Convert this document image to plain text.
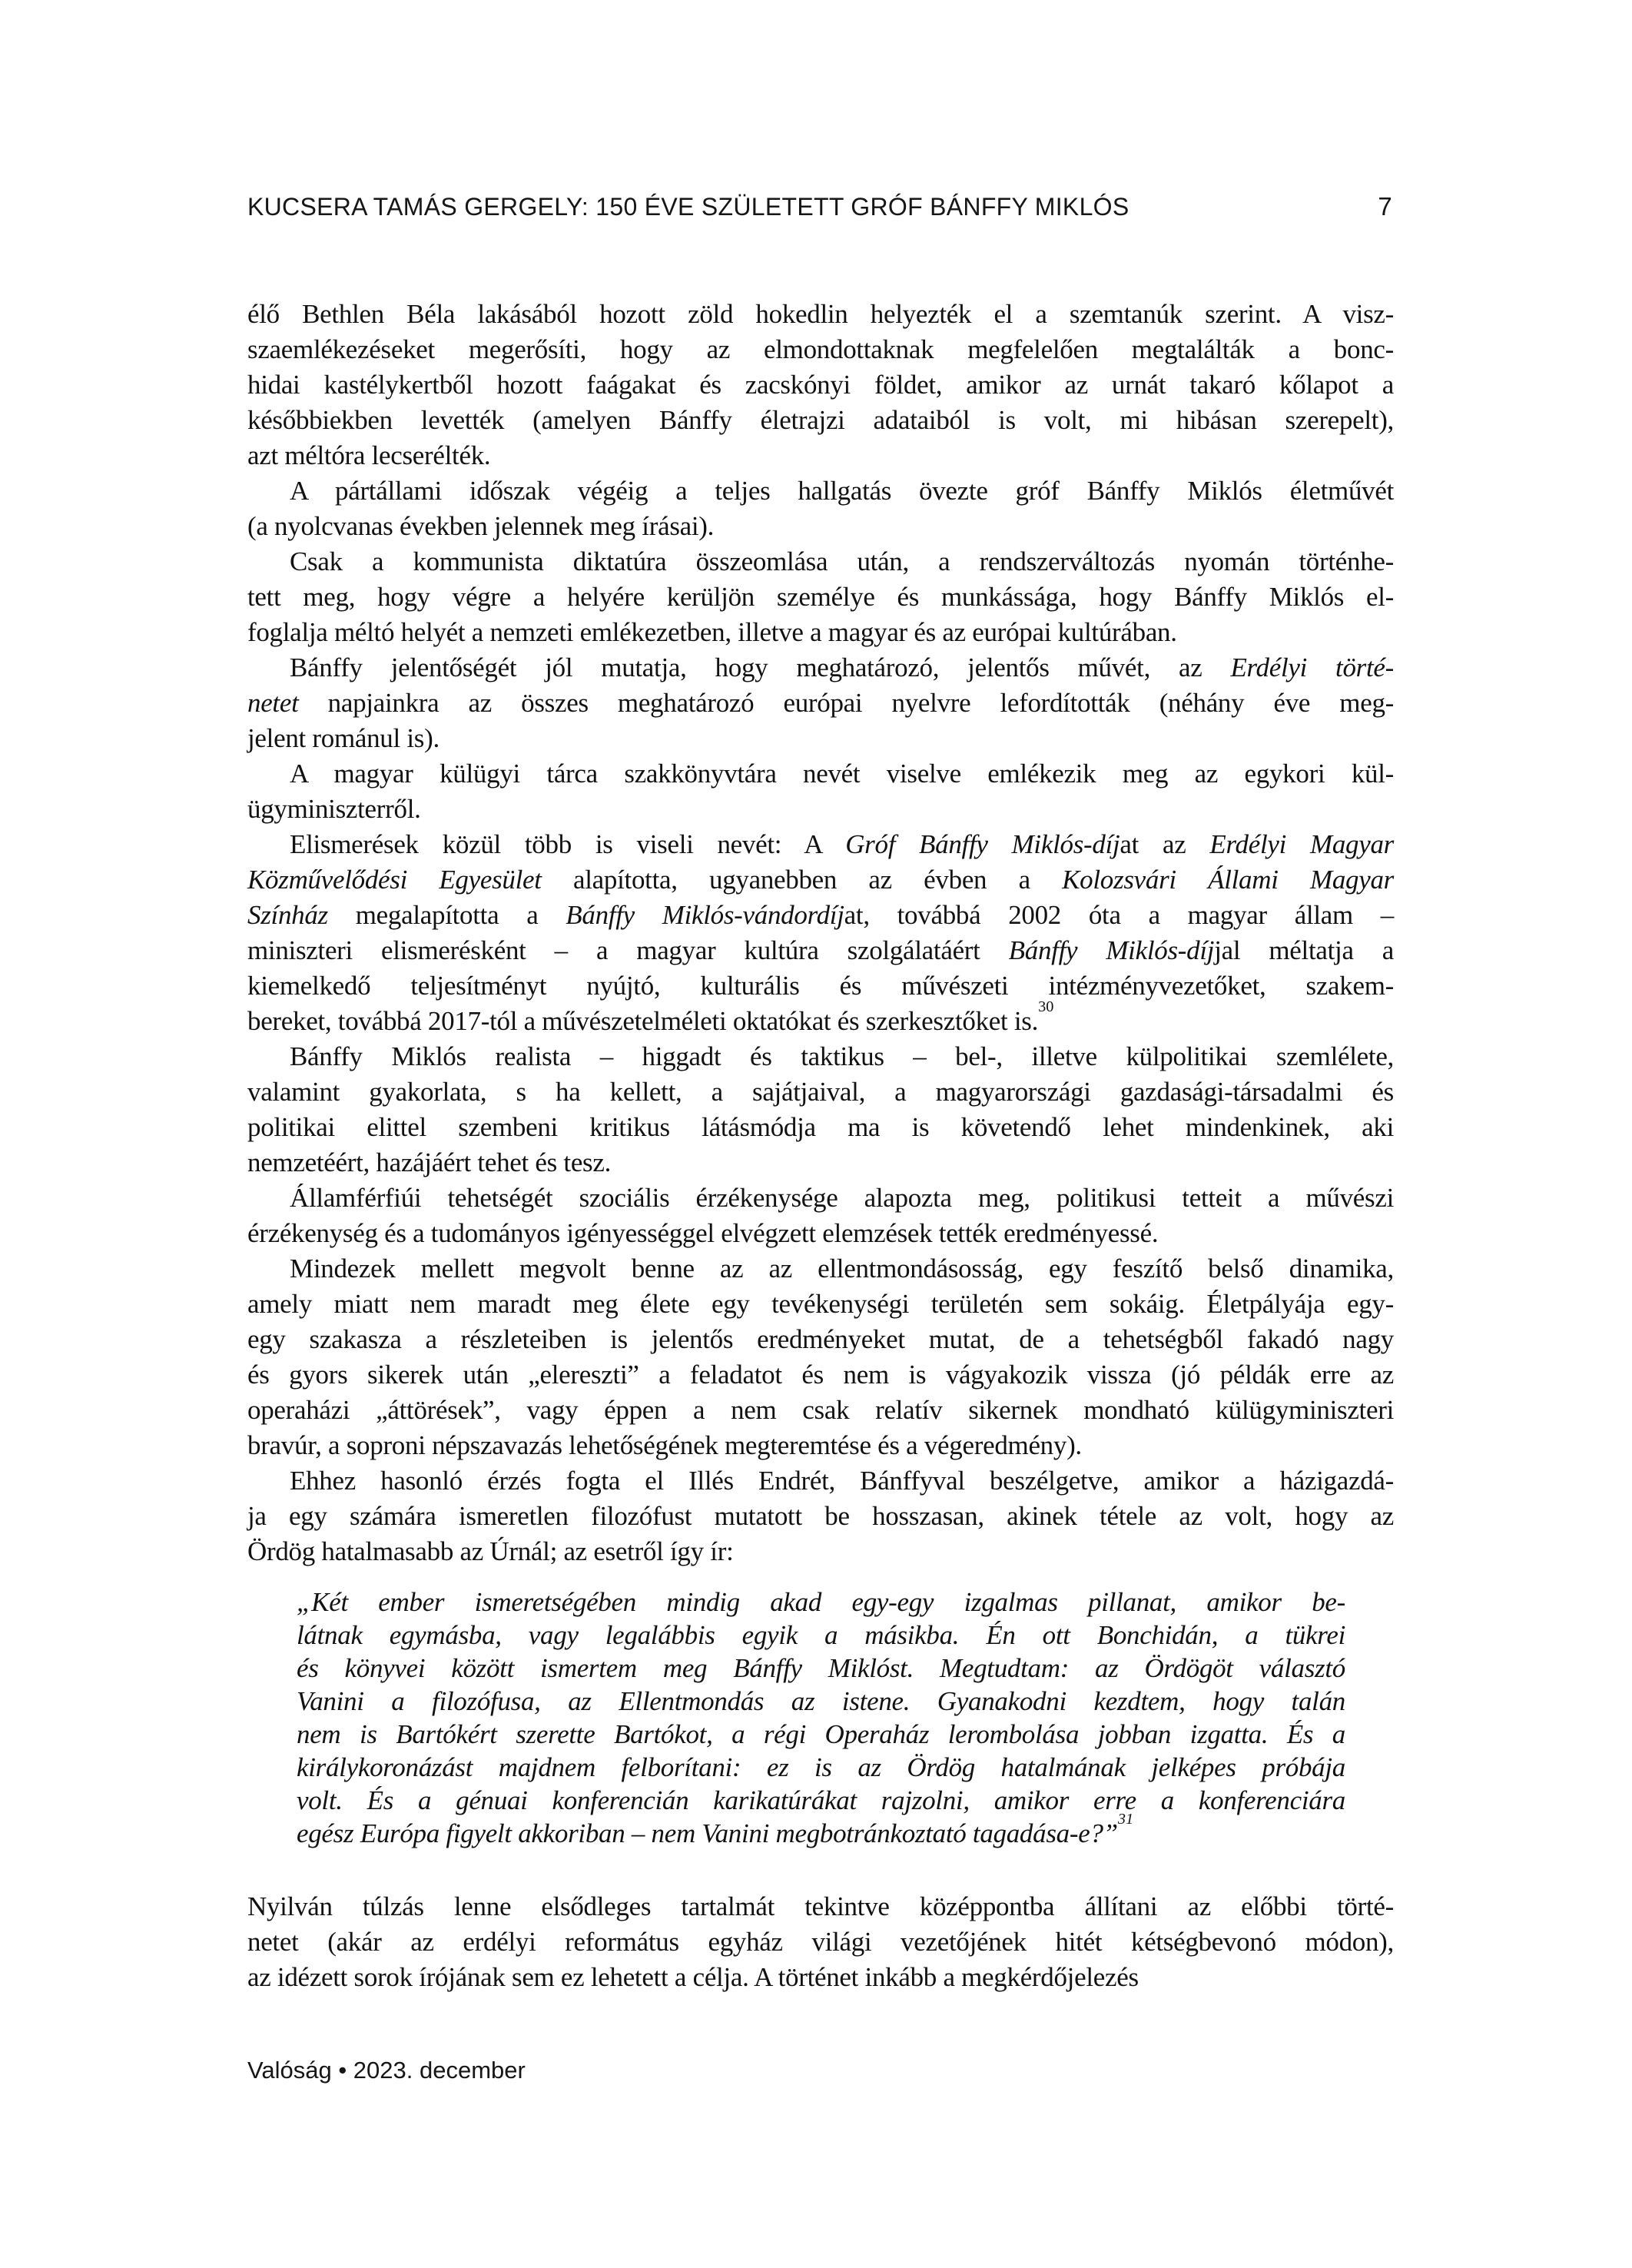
KUCSERA TAMÁS GERGELY: 150 ÉVE SZÜLETETT GRÓF BÁNFFY MIKLÓS	7
élő Bethlen Béla lakásából hozott zöld hokedlin helyezték el a szemtanúk szerint. A visz-
szaemlékezéseket megerősíti, hogy az elmondottaknak megfelelően megtalálták a bonc-
hidai kastélykertből hozott faágakat és zacskónyi földet, amikor az urnát takaró kőlapot a
későbbiekben levették (amelyen Bánffy életrajzi adataiból is volt, mi hibásan szerepelt),
azt méltóra lecserélték.
A pártállami időszak végéig a teljes hallgatás övezte gróf Bánffy Miklós életművét
(a nyolcvanas években jelennek meg írásai).
Csak a kommunista diktatúra összeomlása után, a rendszerváltozás nyomán történhe-
tett meg, hogy végre a helyére kerüljön személye és munkássága, hogy Bánffy Miklós el-
foglalja méltó helyét a nemzeti emlékezetben, illetve a magyar és az európai kultúrában.
Bánffy jelentőségét jól mutatja, hogy meghatározó, jelentős művét, az Erdélyi törté-
netet napjainkra az összes meghatározó európai nyelvre lefordították (néhány éve meg-
jelent románul is).
A magyar külügyi tárca szakkönyvtára nevét viselve emlékezik meg az egykori kül-
ügyminiszterről.
Elismerések közül több is viseli nevét: A Gróf Bánffy Miklós-díjat az Erdélyi Magyar
Közművelődési Egyesület alapította, ugyanebben az évben a Kolozsvári Állami Magyar
Színház megalapította a Bánffy Miklós-vándordíjat, továbbá 2002 óta a magyar állam –
miniszteri elismerésként – a magyar kultúra szolgálatáért Bánffy Miklós-díjjal méltatja a
kiemelkedő teljesítményt nyújtó, kulturális és művészeti intézményvezetőket, szakem-
bereket, továbbá 2017-tól a művészetelméleti oktatókat és szerkesztőket is.$^{30}$
Bánffy Miklós realista – higgadt és taktikus – bel-, illetve külpolitikai szemlélete,
valamint gyakorlata, s ha kellett, a sajátjaival, a magyarországi gazdasági-társadalmi és
politikai elittel szembeni kritikus látásmódja ma is követendő lehet mindenkinek, aki
nemzetéért, hazájáért tehet és tesz.
Államférfiúi tehetségét szociális érzékenysége alapozta meg, politikusi tetteit a művészi
érzékenység és a tudományos igényességgel elvégzett elemzések tették eredményessé.
Mindezek mellett megvolt benne az az ellentmondásosság, egy feszítő belső dinamika,
amely miatt nem maradt meg élete egy tevékenységi területén sem sokáig. Életpályája egy-
egy szakasza a részleteiben is jelentős eredményeket mutat, de a tehetségből fakadó nagy
és gyors sikerek után „elereszti” a feladatot és nem is vágyakozik vissza (jó példák erre az
operaházi „áttörések”, vagy éppen a nem csak relatív sikernek mondható külügyminiszteri
bravúr, a soproni népszavazás lehetőségének megteremtése és a végeredmény).
Ehhez hasonló érzés fogta el Illés Endrét, Bánffyval beszélgetve, amikor a házigazdá-
ja egy számára ismeretlen filozófust mutatott be hosszasan, akinek tétele az volt, hogy az
Ördög hatalmasabb az Úrnál; az esetről így ír:
„Két ember ismeretségében mindig akad egy-egy izgalmas pillanat, amikor be-
látnak egymásba, vagy legalábbis egyik a másikba. Én ott Bonchidán, a tükrei
és könyvei között ismertem meg Bánffy Miklóst. Megtudtam: az Ördögöt választó
Vanini a filozófusa, az Ellentmondás az istene. Gyanakodni kezdtem, hogy talán
nem is Bartókért szerette Bartókot, a régi Operaház lerombolása jobban izgatta. És a
királykoronázást majdnem felborítani: ez is az Ördög hatalmának jelképes próbája
volt. És a génuai konferencián karikatúrákat rajzolni, amikor erre a konferenciára
egész Európa figyelt akkoriban – nem Vanini megbotránkoztató tagadása-e?”$^{31}$
Nyilván túlzás lenne elsődleges tartalmát tekintve középpontba állítani az előbbi törté-
netet (akár az erdélyi református egyház világi vezetőjének hitét kétségbevonó módon),
az idézett sorok írójának sem ez lehetett a célja. A történet inkább a megkérdőjelezés
Valóság • 2023. december
